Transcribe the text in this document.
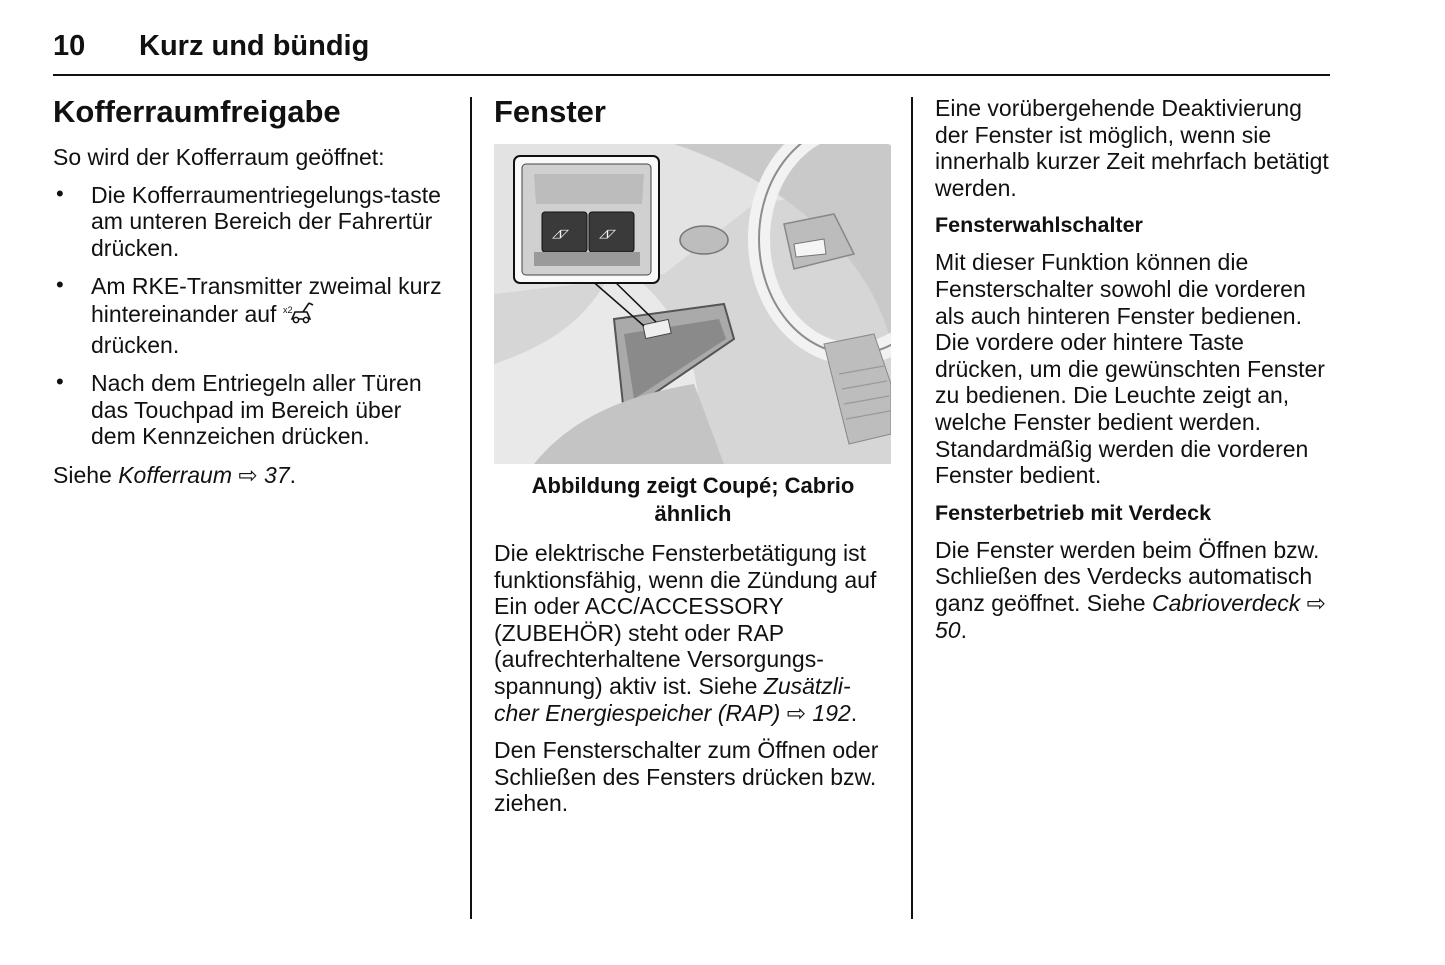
10 Kurz und bündig
Kofferraumfreigabe

So wird der Kofferraum geöffnet:

• Die Kofferraumentriegelungs-taste am unteren Bereich der Fahrertür drücken.
• Am RKE-Transmitter zweimal kurz hintereinander auf x2

drücken.
• Nach dem Entriegeln aller Türen das Touchpad im Bereich über dem Kennzeichen drücken.

Siehe Kofferraum ⇨ 37.

Fenster
◿◸	◿◸
Abbildung zeigt Coupé; Cabrio ähnlich

Die elektrische Fensterbetätigung ist funktionsfähig, wenn die Zündung auf Ein oder ACC/ACCESSORY (ZUBEHÖR) steht oder RAP (aufrechterhaltene Versorgungs-spannung) aktiv ist. Siehe Zusätzli-cher Energiespeicher (RAP) ⇨ 192.

Den Fensterschalter zum Öffnen oder Schließen des Fensters drücken bzw. ziehen.

Eine vorübergehende Deaktivierung der Fenster ist möglich, wenn sie innerhalb kurzer Zeit mehrfach betätigt werden.

Fensterwahlschalter

Mit dieser Funktion können die Fensterschalter sowohl die vorderen als auch hinteren Fenster bedienen. Die vordere oder hintere Taste drücken, um die gewünschten Fenster zu bedienen. Die Leuchte zeigt an, welche Fenster bedient werden. Standardmäßig werden die vorderen Fenster bedient.

Fensterbetrieb mit Verdeck

Die Fenster werden beim Öffnen bzw. Schließen des Verdecks automatisch ganz geöffnet. Siehe Cabrioverdeck ⇨ 50.
